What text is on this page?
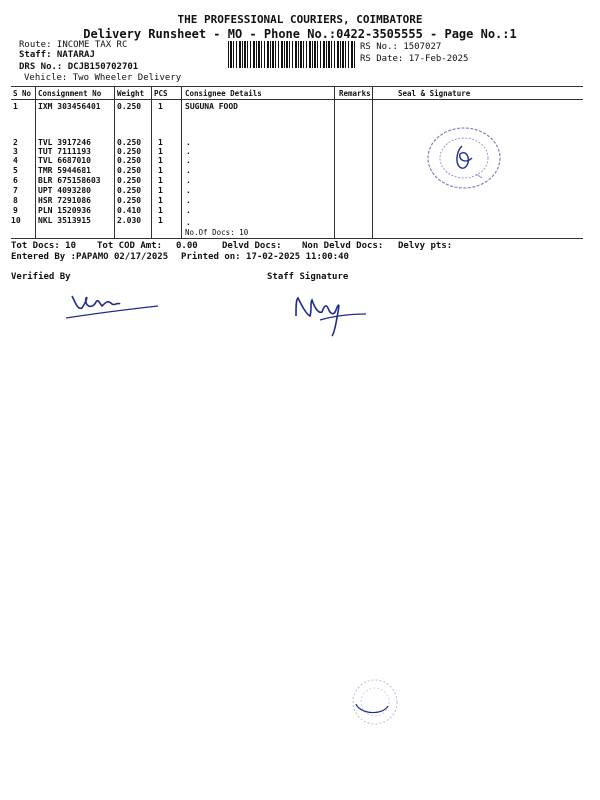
THE PROFESSIONAL COURIERS, COIMBATORE
Delivery Runsheet - MO - Phone No.:0422-3505555 - Page No.:1
Route: INCOME TAX RC
Staff: NATARAJ
DRS No.: DCJB150702701
Vehicle: Two Wheeler Delivery
RS No.: 1507027
RS Date: 17-Feb-2025
S No Consignment No Weight PCS Consignee Details	Remarks	Seal & Signature
1	IXM 303456401 0.250 1	SUGUNA FOOD
2	TVL 3917246	0.250 1	.
3	TUT 7111193	0.250 1	.
4	TVL 6687010	0.250 1	.
5	TMR 5944681	0.250 1	.
6	BLR 675158603 0.250 1	.
7	UPT 4093280	0.250 1	.
8	HSR 7291086	0.250 1	.
9	PLN 1520936	0.410 1	.
10 NKL 3513915	2.030 1	.
No.Of Docs: 10
Tot Docs: 10 Tot COD Amt: 0.00	Delvd Docs: Non Delvd Docs: Delvy pts:
Entered By :PAPAMO 02/17/2025 Printed on: 17-02-2025 11:00:40
Verified By	Staff Signature
